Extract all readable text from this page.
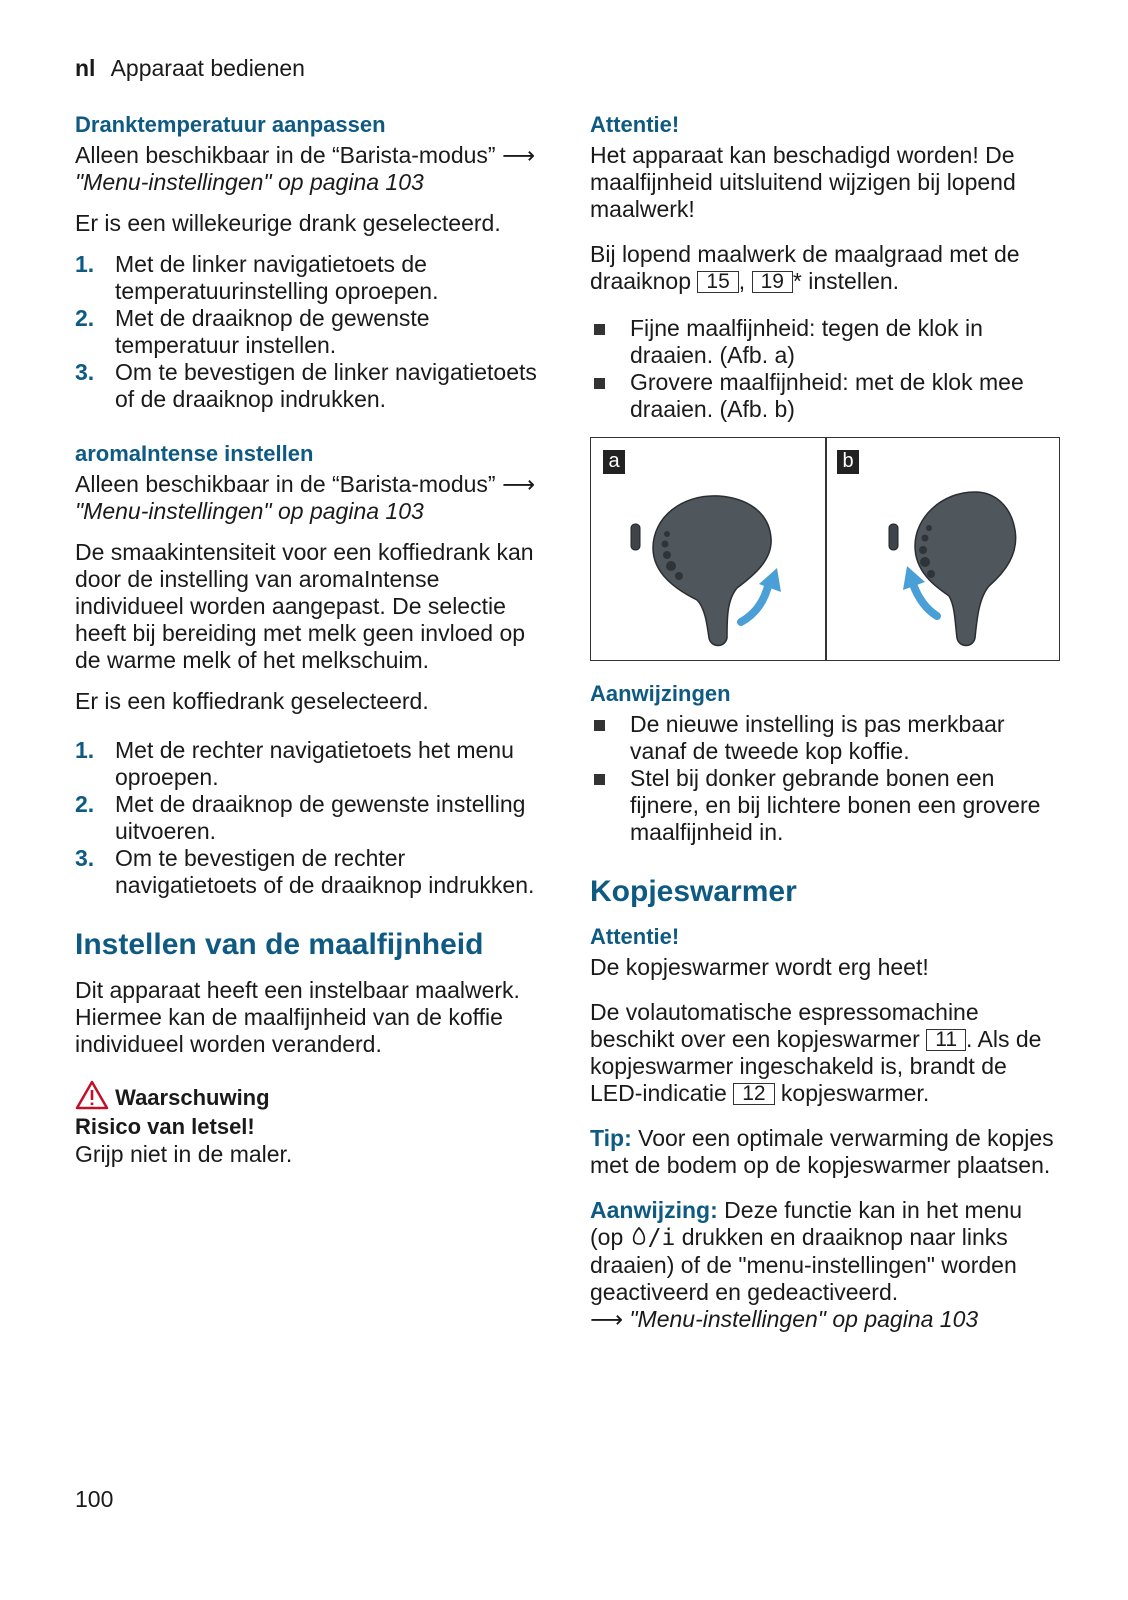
nl Apparaat bedienen
Dranktemperatuur aanpassen

Alleen beschikbaar in de “Barista-modus” ⟶ "Menu-instellingen" op pagina 103

Er is een willekeurige drank geselecteerd.

1. Met de linker navigatietoets de temperatuurinstelling oproepen.
2. Met de draaiknop de gewenste temperatuur instellen.
3. Om te bevestigen de linker navigatietoets of de draaiknop indrukken.
aromaIntense instellen

Alleen beschikbaar in de “Barista-modus” ⟶ "Menu-instellingen" op pagina 103

De smaakintensiteit voor een koffiedrank kan door de instelling van aromaIntense individueel worden aangepast. De selectie heeft bij bereiding met melk geen invloed op de warme melk of het melkschuim.

Er is een koffiedrank geselecteerd.

1. Met de rechter navigatietoets het menu oproepen.
2. Met de draaiknop de gewenste instelling uitvoeren.
3. Om te bevestigen de rechter navigatietoets of de draaiknop indrukken.
Instellen van de maalfijnheid

Dit apparaat heeft een instelbaar maalwerk. Hiermee kan de maalfijnheid van de koffie individueel worden veranderd.

Waarschuwing
Risico van letsel!

Grijp niet in de maler.

Attentie!

Het apparaat kan beschadigd worden! De maalfijnheid uitsluitend wijzigen bij lopend maalwerk!

Bij lopend maalwerk de maalgraad met de draaiknop 15 , 19 * instellen.

Fijne maalfijnheid: tegen de klok in draaien. (Afb. a)
Grovere maalfijnheid: met de klok mee draaien. (Afb. b)
a	b
Aanwijzingen
De nieuwe instelling is pas merkbaar vanaf de tweede kop koffie.
Stel bij donker gebrande bonen een fijnere, en bij lichtere bonen een grovere maalfijnheid in.
Kopjeswarmer
Attentie!

De kopjeswarmer wordt erg heet!

De volautomatische espressomachine beschikt over een kopjeswarmer 11 . Als de kopjeswarmer ingeschakeld is, brandt de LED-indicatie 12 kopjeswarmer.

Tip: Voor een optimale verwarming de kopjes met de bodem op de kopjeswarmer plaatsen.

Aanwijzing: Deze functie kan in het menu (op /i drukken en draaiknop naar links draaien) of de "menu-instellingen" worden geactiveerd en gedeactiveerd.
⟶ "Menu-instellingen" op pagina 103

100
